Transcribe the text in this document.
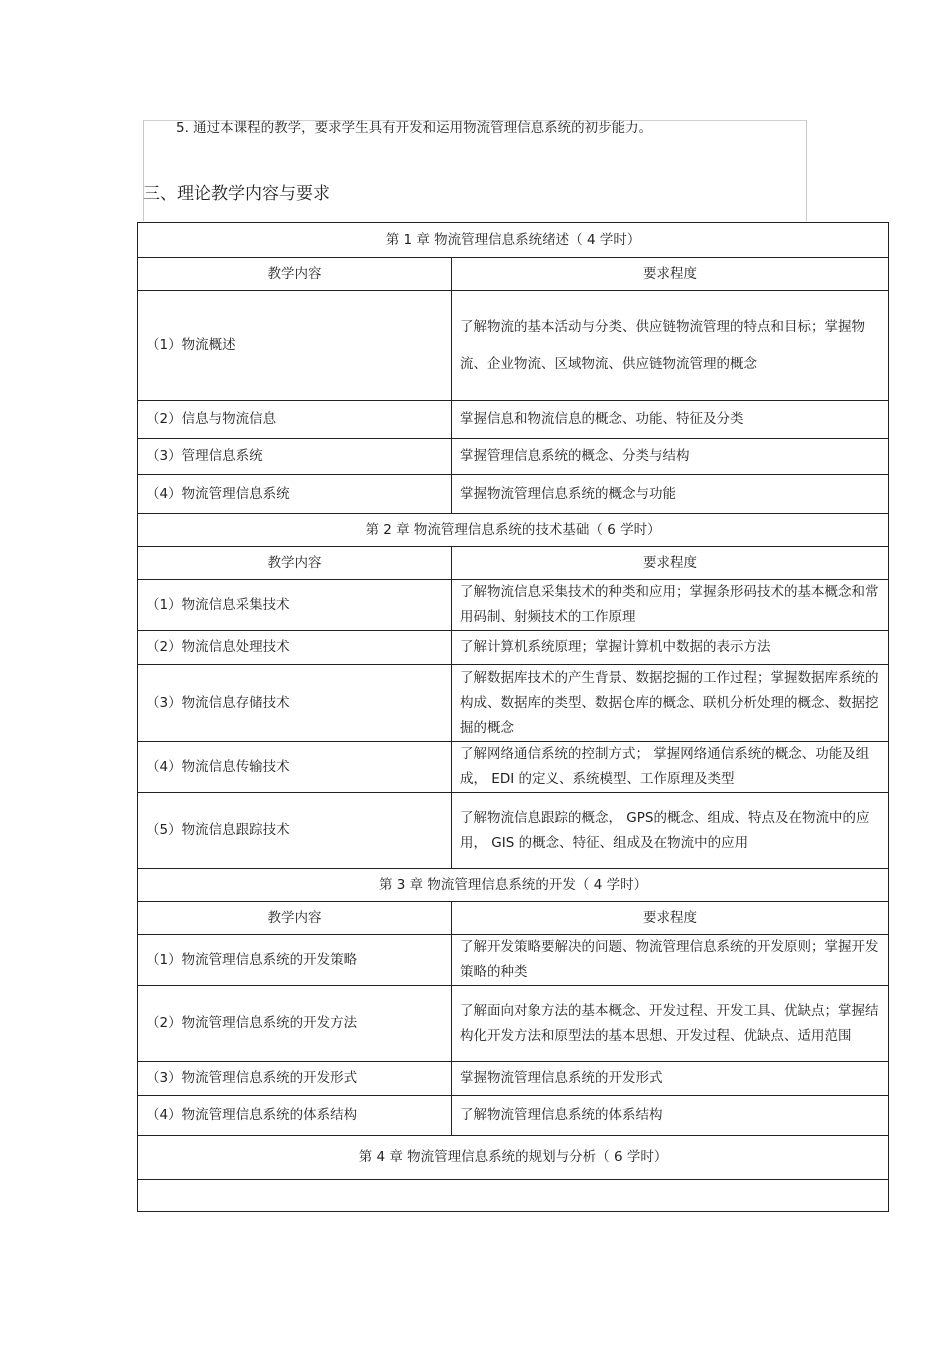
5. 通过本课程的教学，要求学生具有开发和运用物流管理信息系统的初步能力。
三、理论教学内容与要求
第 1 章 物流管理信息系统绪述（ 4 学时）	
教学内容	要求程度
（1）物流概述	了解物流的基本活动与分类、供应链物流管理的特点和目标；掌握物流、企业物流、区域物流、供应链物流管理的概念
（2）信息与物流信息	掌握信息和物流信息的概念、功能、特征及分类
（3）管理信息系统	掌握管理信息系统的概念、分类与结构
（4）物流管理信息系统	掌握物流管理信息系统的概念与功能
第 2 章 物流管理信息系统的技术基础（ 6 学时）	
教学内容	要求程度
（1）物流信息采集技术	了解物流信息采集技术的种类和应用；掌握条形码技术的基本概念和常用码制、射频技术的工作原理
（2）物流信息处理技术	了解计算机系统原理；掌握计算机中数据的表示方法
（3）物流信息存储技术	了解数据库技术的产生背景、数据挖掘的工作过程；掌握数据库系统的构成、数据库的类型、数据仓库的概念、联机分析处理的概念、数据挖掘的概念
（4）物流信息传输技术	了解网络通信系统的控制方式； 掌握网络通信系统的概念、功能及组成， EDI 的定义、系统模型、工作原理及类型
（5）物流信息跟踪技术	了解物流信息跟踪的概念， GPS的概念、组成、特点及在物流中的应用， GIS 的概念、特征、组成及在物流中的应用
第 3 章 物流管理信息系统的开发（ 4 学时）	
教学内容	要求程度
（1）物流管理信息系统的开发策略	了解开发策略要解决的问题、物流管理信息系统的开发原则；掌握开发策略的种类
（2）物流管理信息系统的开发方法	了解面向对象方法的基本概念、开发过程、开发工具、优缺点；掌握结构化开发方法和原型法的基本思想、开发过程、优缺点、适用范围
（3）物流管理信息系统的开发形式	掌握物流管理信息系统的开发形式
（4）物流管理信息系统的体系结构	了解物流管理信息系统的体系结构
第 4 章 物流管理信息系统的规划与分析（ 6 学时）	
